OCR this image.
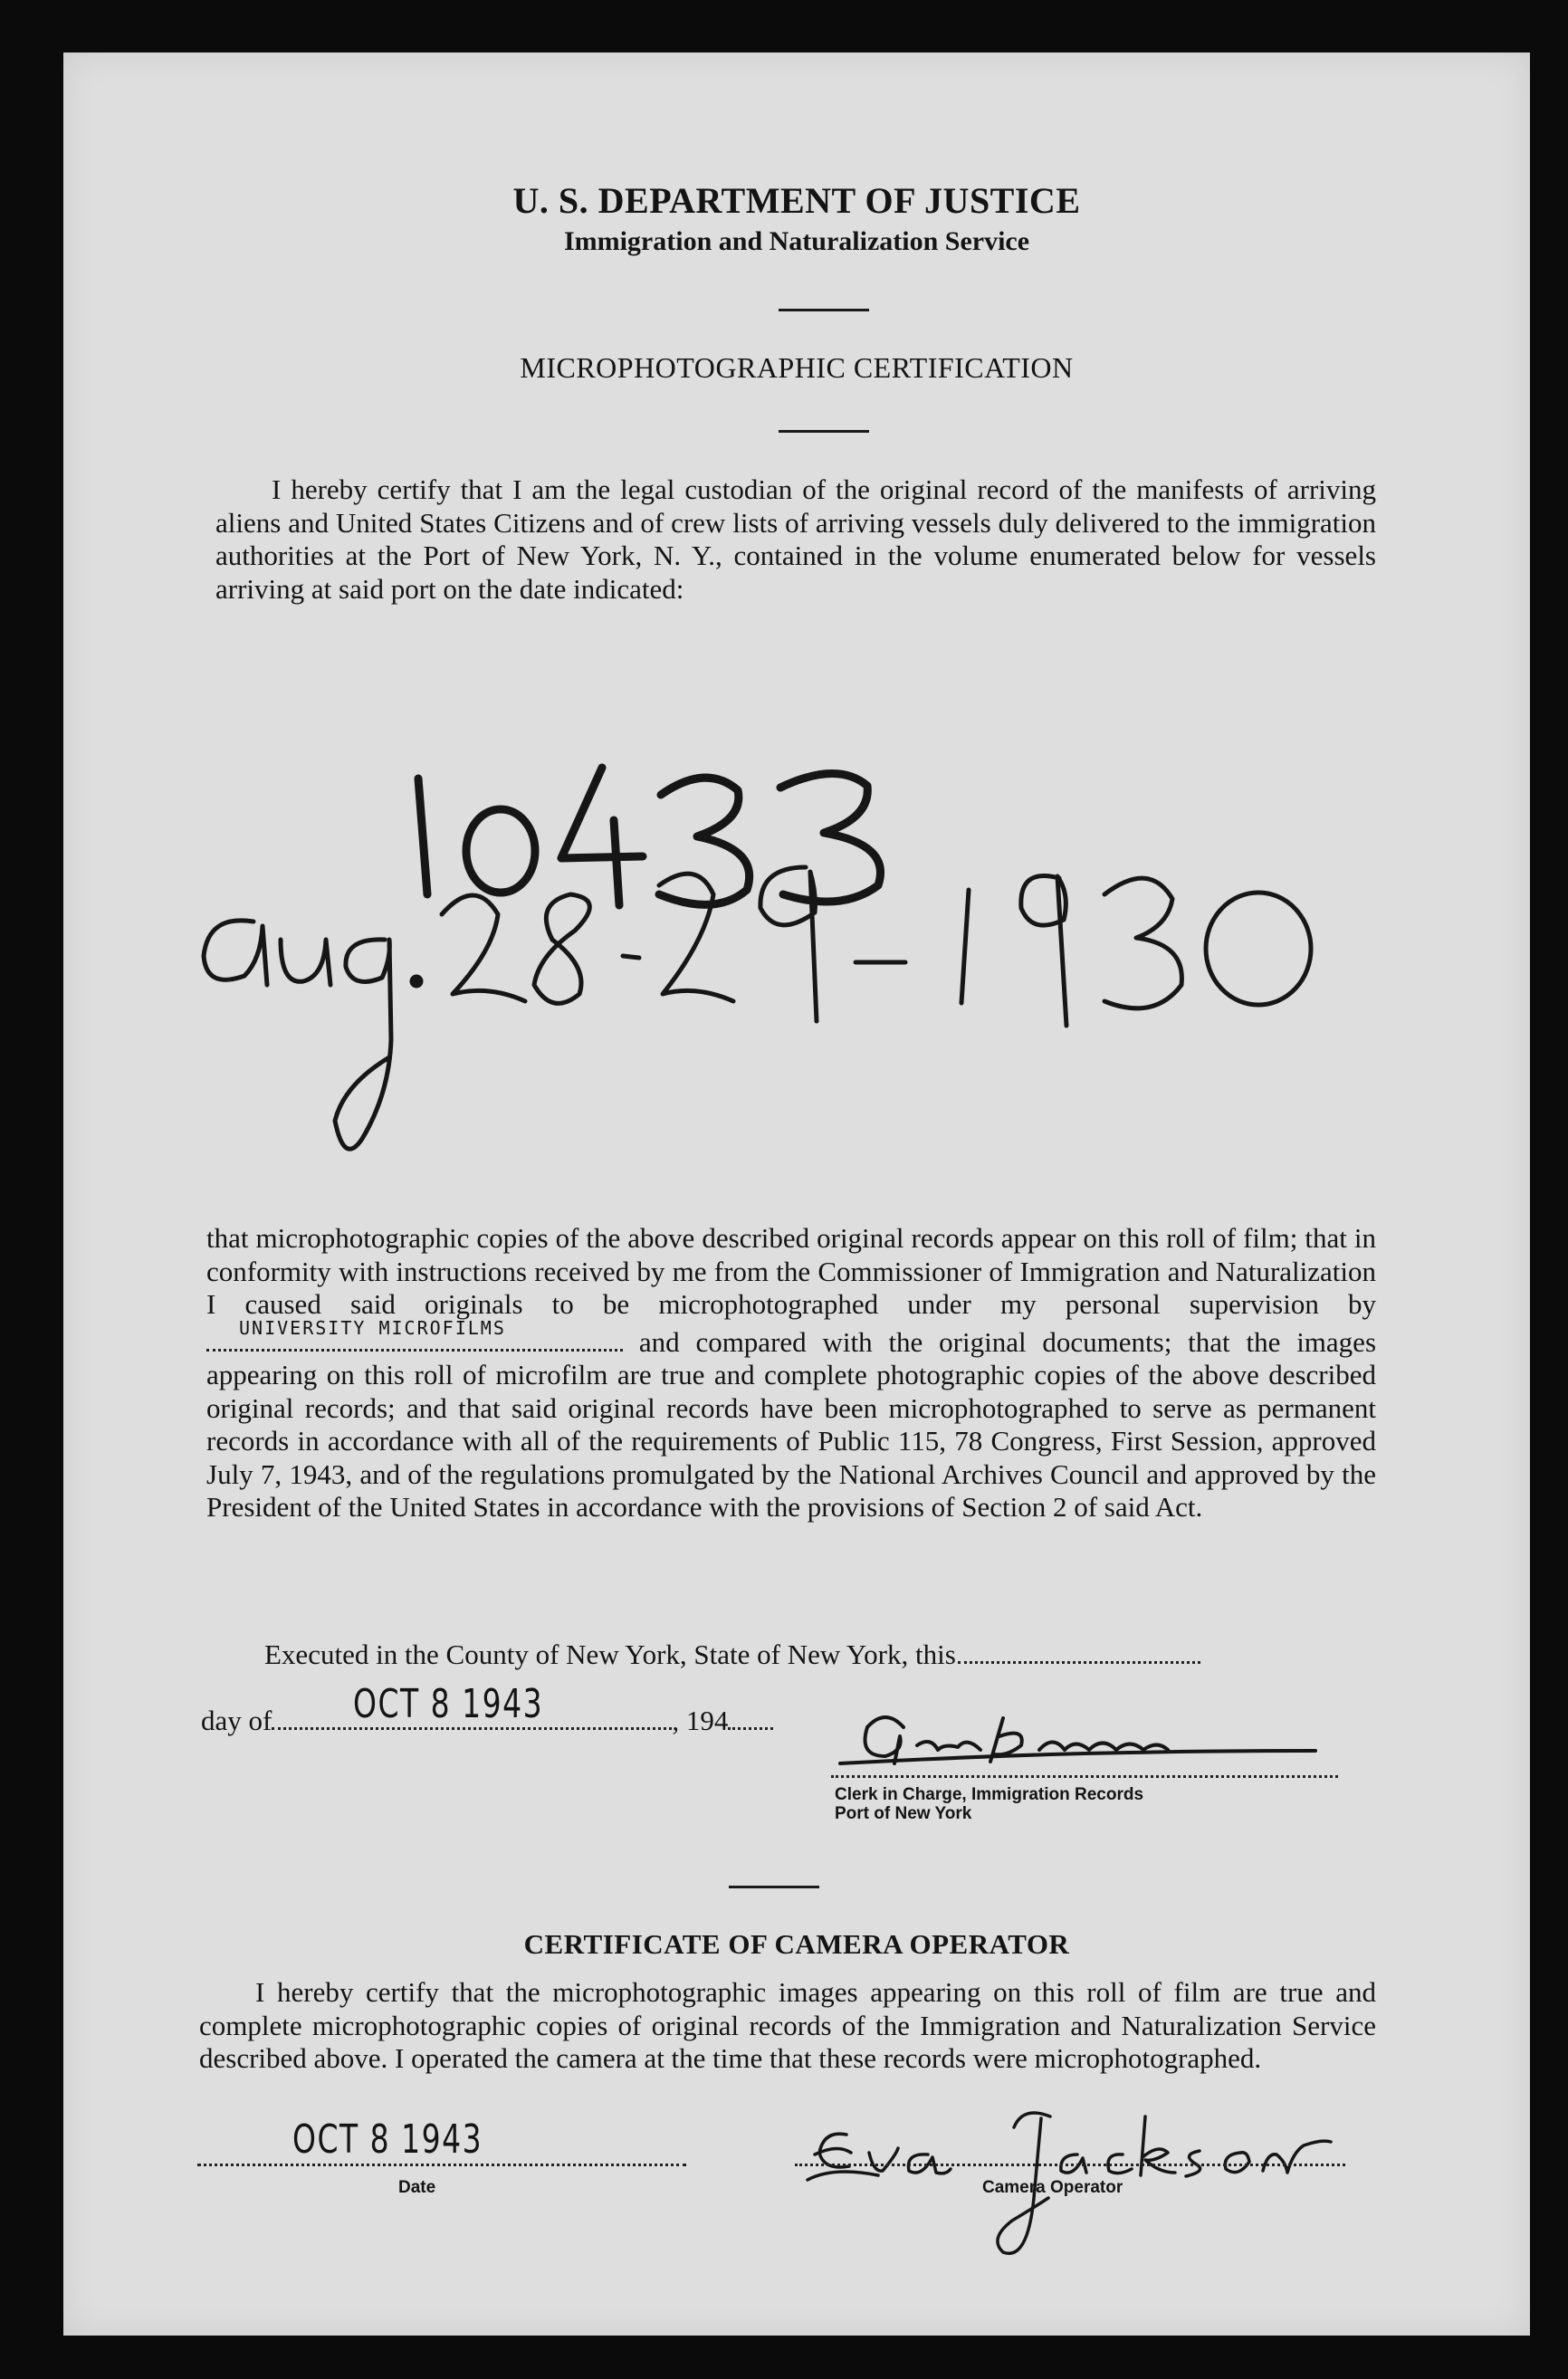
U. S. DEPARTMENT OF JUSTICE
Immigration and Naturalization Service
MICROPHOTOGRAPHIC CERTIFICATION
I hereby certify that I am the legal custodian of the original record of the manifests of arriving aliens and United States Citizens and of crew lists of arriving vessels duly delivered to the immigration authorities at the Port of New York, N. Y., contained in the volume enumerated below for vessels arriving at said port on the date indicated:
that microphotographic copies of the above described original records appear on this roll of film; that in conformity with instructions received by me from the Commissioner of Immigration and Naturalization I caused said originals to be microphotographed under my personal supervision by
UNIVERSITY MICROFILMS	and compared with the original documents; that the images appearing on this roll of microfilm are true and complete photographic copies of the above described original records; and that said original records have been microphotographed to serve as permanent records in accordance with all of the requirements of Public 115, 78 Congress, First Session, approved July 7, 1943, and of the regulations promulgated by the National Archives Council and approved by the President of the United States in accordance with the provisions of Section 2 of said Act.
Executed in the County of New York, State of New York, this
day of OCT 8 1943	, 194
Clerk in Charge, Immigration Records
Port of New York
CERTIFICATE OF CAMERA OPERATOR
I hereby certify that the microphotographic images appearing on this roll of film are true and complete microphotographic copies of original records of the Immigration and Naturalization Service described above. I operated the camera at the time that these records were microphotographed.
OCT 8 1943
Date	Camera Operator
